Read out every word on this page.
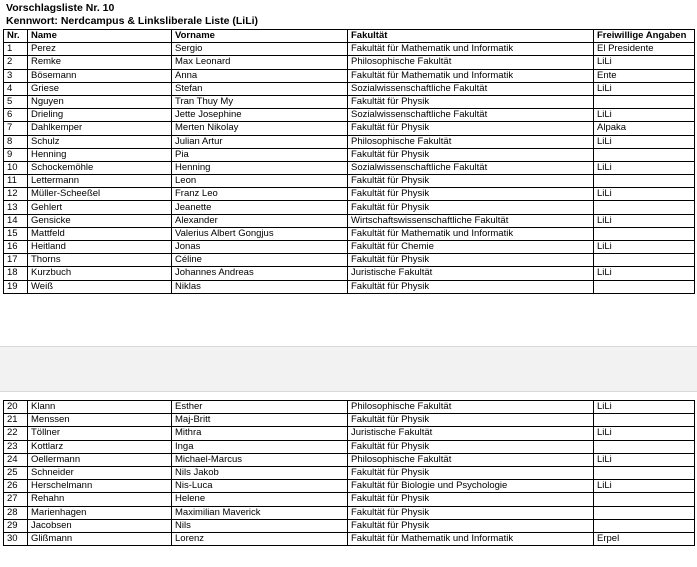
Vorschlagsliste Nr. 10
Kennwort: Nerdcampus & Linksliberale Liste (LiLi)
Nr.	Name	Vorname	Fakultät	Freiwillige Angaben
1	Perez	Sergio	Fakultät für Mathematik und Informatik	El Presidente
2	Remke	Max Leonard	Philosophische Fakultät	LiLi
3	Bösemann	Anna	Fakultät für Mathematik und Informatik	Ente
4	Griese	Stefan	Sozialwissenschaftliche Fakultät	LiLi
5	Nguyen	Tran Thuy My	Fakultät für Physik	
6	Drieling	Jette Josephine	Sozialwissenschaftliche Fakultät	LiLi
7	Dahlkemper	Merten Nikolay	Fakultät für Physik	Alpaka
8	Schulz	Julian Artur	Philosophische Fakultät	LiLi
9	Henning	Pia	Fakultät für Physik	
10	Schockemöhle	Henning	Sozialwissenschaftliche Fakultät	LiLi
11	Lettermann	Leon	Fakultät für Physik	
12	Müller-Scheeßel	Franz Leo	Fakultät für Physik	LiLi
13	Gehlert	Jeanette	Fakultät für Physik	
14	Gensicke	Alexander	Wirtschaftswissenschaftliche Fakultät	LiLi
15	Mattfeld	Valerius Albert Gongjus	Fakultät für Mathematik und Informatik	
16	Heitland	Jonas	Fakultät für Chemie	LiLi
17	Thorns	Céline	Fakultät für Physik	
18	Kurzbuch	Johannes Andreas	Juristische Fakultät	LiLi
19	Weiß	Niklas	Fakultät für Physik	
20	Klann	Esther	Philosophische Fakultät	LiLi
21	Menssen	Maj-Britt	Fakultät für Physik	
22	Töllner	Mithra	Juristische Fakultät	LiLi
23	Kottlarz	Inga	Fakultät für Physik	
24	Oellermann	Michael-Marcus	Philosophische Fakultät	LiLi
25	Schneider	Nils Jakob	Fakultät für Physik	
26	Herschelmann	Nis-Luca	Fakultät für Biologie und Psychologie	LiLi
27	Rehahn	Helene	Fakultät für Physik	
28	Marienhagen	Maximilian Maverick	Fakultät für Physik	
29	Jacobsen	Nils	Fakultät für Physik	
30	Glißmann	Lorenz	Fakultät für Mathematik und Informatik	Erpel
